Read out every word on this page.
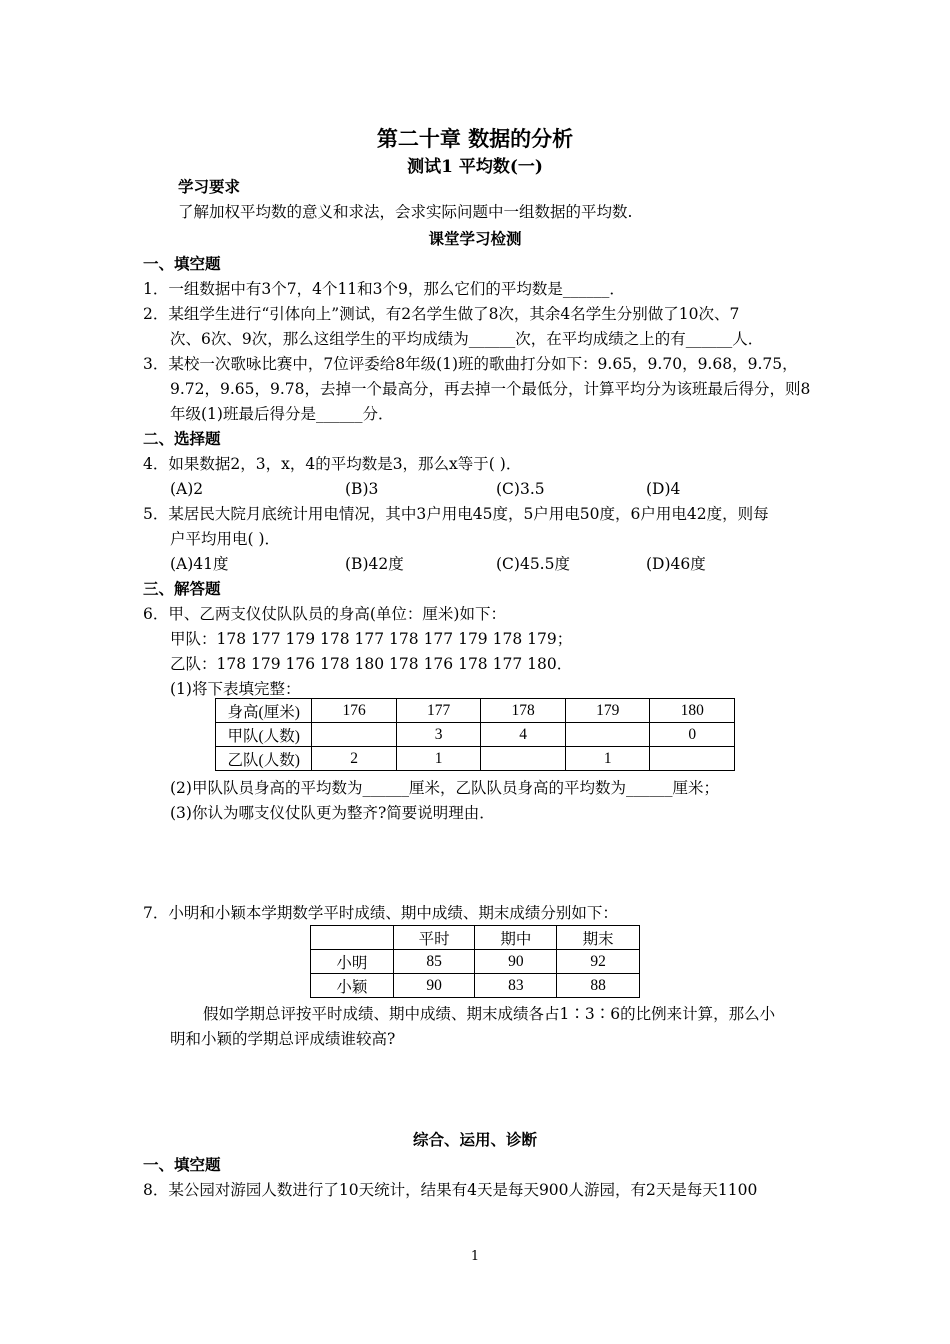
第二十章 数据的分析
测试1 平均数(一)
学习要求
了解加权平均数的意义和求法，会求实际问题中一组数据的平均数.
课堂学习检测
一、填空题
1．一组数据中有3个7，4个11和3个9，那么它们的平均数是______．
2．某组学生进行“引体向上”测试，有2名学生做了8次，其余4名学生分别做了10次、7
次、6次、9次，那么这组学生的平均成绩为______次，在平均成绩之上的有______人．
3．某校一次歌咏比赛中，7位评委给8年级(1)班的歌曲打分如下：9.65，9.70，9.68，9.75，
9.72，9.65，9.78，去掉一个最高分，再去掉一个最低分，计算平均分为该班最后得分，则8
年级(1)班最后得分是______分．
二、选择题
4．如果数据2，3，x，4的平均数是3，那么x等于( )．
(A)2	(B)3	(C)3.5	(D)4
5．某居民大院月底统计用电情况，其中3户用电45度，5户用电50度，6户用电42度，则每
户平均用电( )．
(A)41度	(B)42度	(C)45.5度	(D)46度
三、解答题
6．甲、乙两支仪仗队队员的身高(单位：厘米)如下：
甲队：178 177 179 178 177 178 177 179 178 179；
乙队：178 179 176 178 180 178 176 178 177 180．
(1)将下表填完整：
身高(厘米)	176	177	178	179	180
甲队(人数)		3	4		0
乙队(人数)	2	1		1	
(2)甲队队员身高的平均数为______厘米，乙队队员身高的平均数为______厘米；
(3)你认为哪支仪仗队更为整齐?简要说明理由．
7．小明和小颖本学期数学平时成绩、期中成绩、期末成绩分别如下：
	平时	期中	期末
小明	85	90	92
小颖	90	83	88
假如学期总评按平时成绩、期中成绩、期末成绩各占1∶3∶6的比例来计算，那么小
明和小颖的学期总评成绩谁较高?
综合、运用、诊断
一、填空题
8．某公园对游园人数进行了10天统计，结果有4天是每天900人游园，有2天是每天1100
1
